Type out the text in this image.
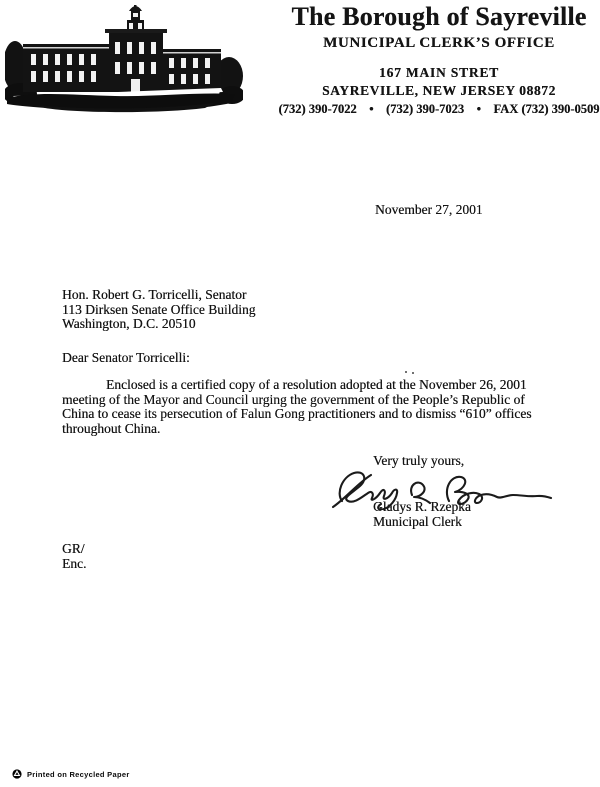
The Borough of Sayreville
MUNICIPAL CLERK’S OFFICE
167 MAIN STRET
SAYREVILLE, NEW JERSEY 08872
(732) 390-7022  •  (732) 390-7023  •  FAX (732) 390-0509
November 27, 2001
Hon. Robert G. Torricelli, Senator
113 Dirksen Senate Office Building
Washington, D.C. 20510
Dear Senator Torricelli:
Enclosed is a certified copy of a resolution adopted at the November 26, 2001
meeting of the Mayor and Council urging the government of the People’s Republic of
China to cease its persecution of Falun Gong practitioners and to dismiss “610” offices
throughout China.
Very truly yours,
Gladys R. Rzepka
Municipal Clerk
GR/
Enc.
Printed on Recycled Paper
